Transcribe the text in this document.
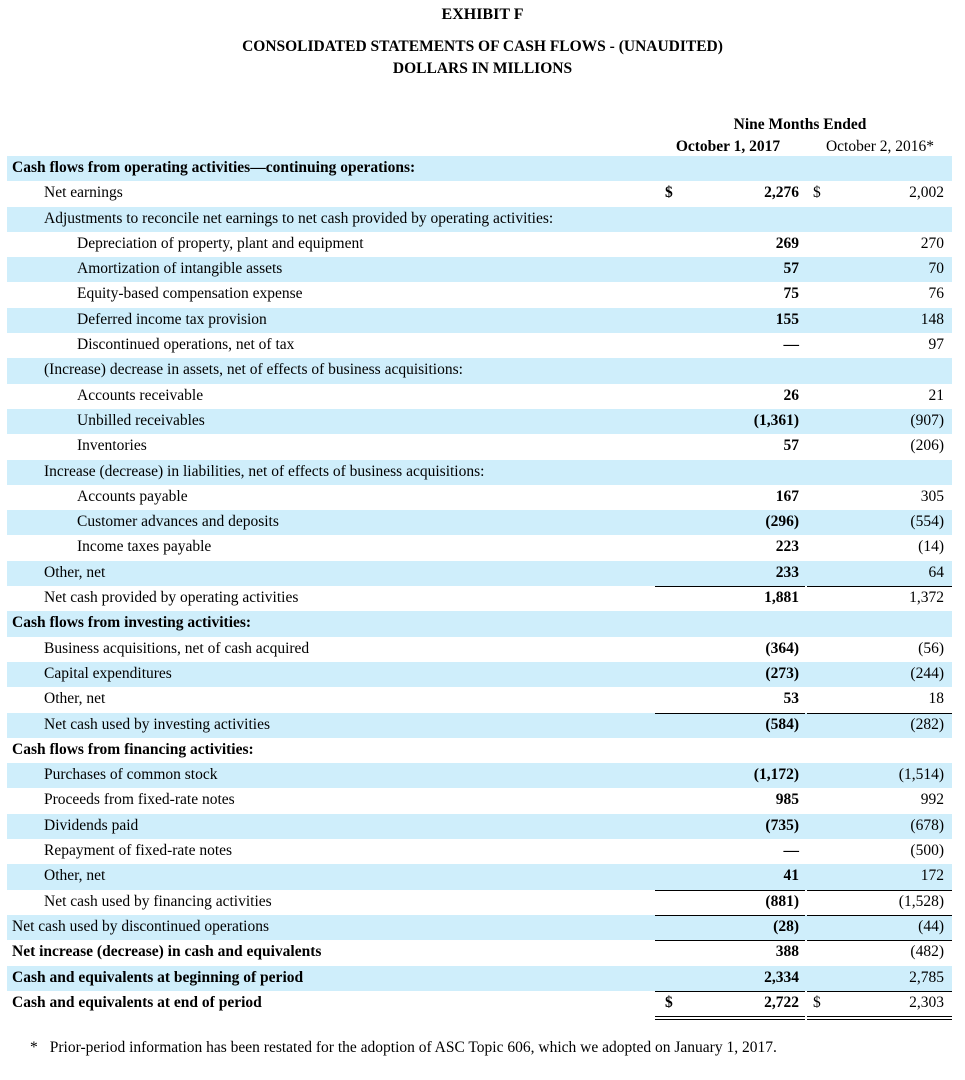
EXHIBIT F
CONSOLIDATED STATEMENTS OF CASH FLOWS - (UNAUDITED)
DOLLARS IN MILLIONS
Nine Months Ended
October 1, 2017	October 2, 2016*
Cash flows from operating activities—continuing operations:
Net earnings	$	2,276 $	2,002
Adjustments to reconcile net earnings to net cash provided by operating activities:
Depreciation of property, plant and equipment	269	270
Amortization of intangible assets	57	70
Equity-based compensation expense	75	76
Deferred income tax provision	155	148
Discontinued operations, net of tax	—	97
(Increase) decrease in assets, net of effects of business acquisitions:
Accounts receivable	26	21
Unbilled receivables	(1,361)	(907)
Inventories	57	(206)
Increase (decrease) in liabilities, net of effects of business acquisitions:
Accounts payable	167	305
Customer advances and deposits	(296)	(554)
Income taxes payable	223	(14)
Other, net	233	64
Net cash provided by operating activities	1,881	1,372
Cash flows from investing activities:
Business acquisitions, net of cash acquired	(364)	(56)
Capital expenditures	(273)	(244)
Other, net	53	18
Net cash used by investing activities	(584)	(282)
Cash flows from financing activities:
Purchases of common stock	(1,172)	(1,514)
Proceeds from fixed-rate notes	985	992
Dividends paid	(735)	(678)
Repayment of fixed-rate notes	—	(500)
Other, net	41	172
Net cash used by financing activities	(881)	(1,528)
Net cash used by discontinued operations	(28)	(44)
Net increase (decrease) in cash and equivalents	388	(482)
Cash and equivalents at beginning of period	2,334	2,785
Cash and equivalents at end of period	$	2,722 $	2,303
* Prior-period information has been restated for the adoption of ASC Topic 606, which we adopted on January 1, 2017.
